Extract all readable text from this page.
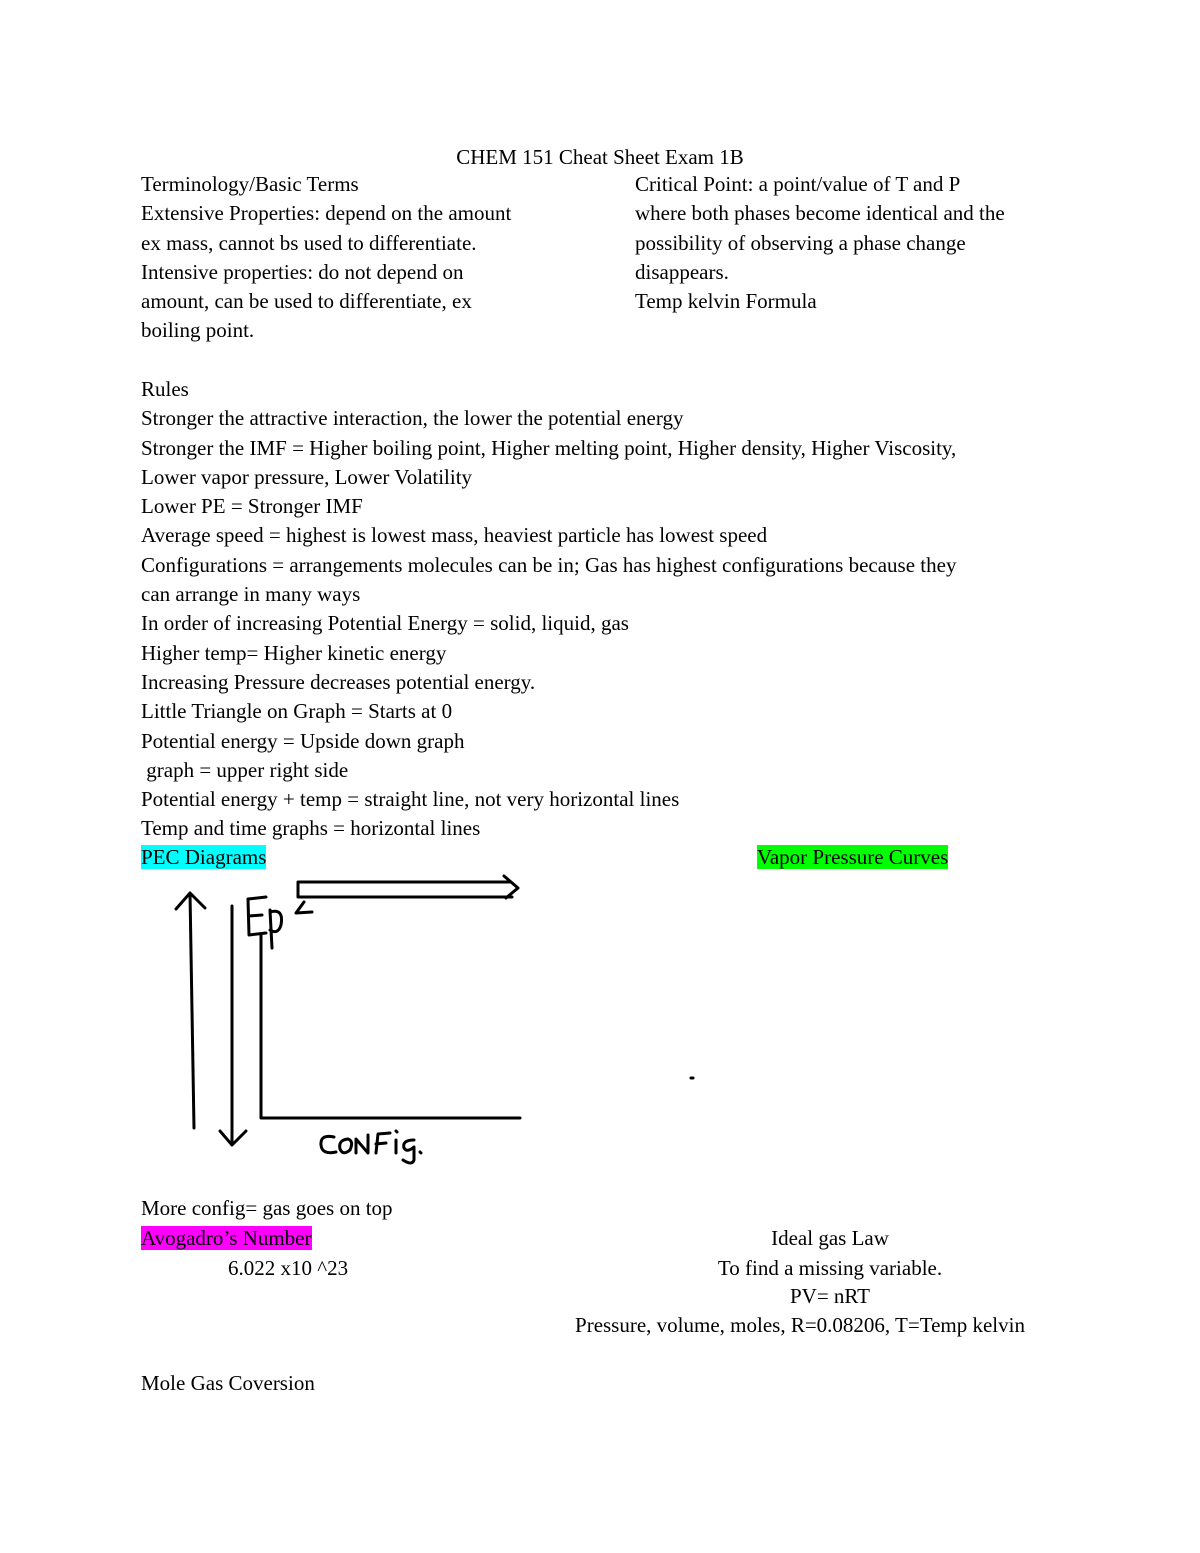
CHEM 151 Cheat Sheet Exam 1B
Terminology/Basic Terms
Extensive Properties: depend on the amount
ex mass, cannot bs used to differentiate.
Intensive properties: do not depend on
amount, can be used to differentiate, ex
boiling point.
Critical Point: a point/value of T and P
where both phases become identical and the
possibility of observing a phase change
disappears.
Temp kelvin Formula
Rules
Stronger the attractive interaction, the lower the potential energy
Stronger the IMF = Higher boiling point, Higher melting point, Higher density, Higher Viscosity,
Lower vapor pressure, Lower Volatility
Lower PE = Stronger IMF
Average speed = highest is lowest mass, heaviest particle has lowest speed
Configurations = arrangements molecules can be in; Gas has highest configurations because they
can arrange in many ways
In order of increasing Potential Energy = solid, liquid, gas
Higher temp= Higher kinetic energy
Increasing Pressure decreases potential energy.
Little Triangle on Graph = Starts at 0
Potential energy = Upside down graph
graph = upper right side
Potential energy + temp = straight line, not very horizontal lines
Temp and time graphs = horizontal lines
PEC Diagrams	Vapor Pressure Curves
More config= gas goes on top
Avogadro’s Number
6.022 x10 ^23
Ideal gas Law
To find a missing variable.
PV= nRT
Pressure, volume, moles, R=0.08206, T=Temp kelvin
Mole Gas Coversion
